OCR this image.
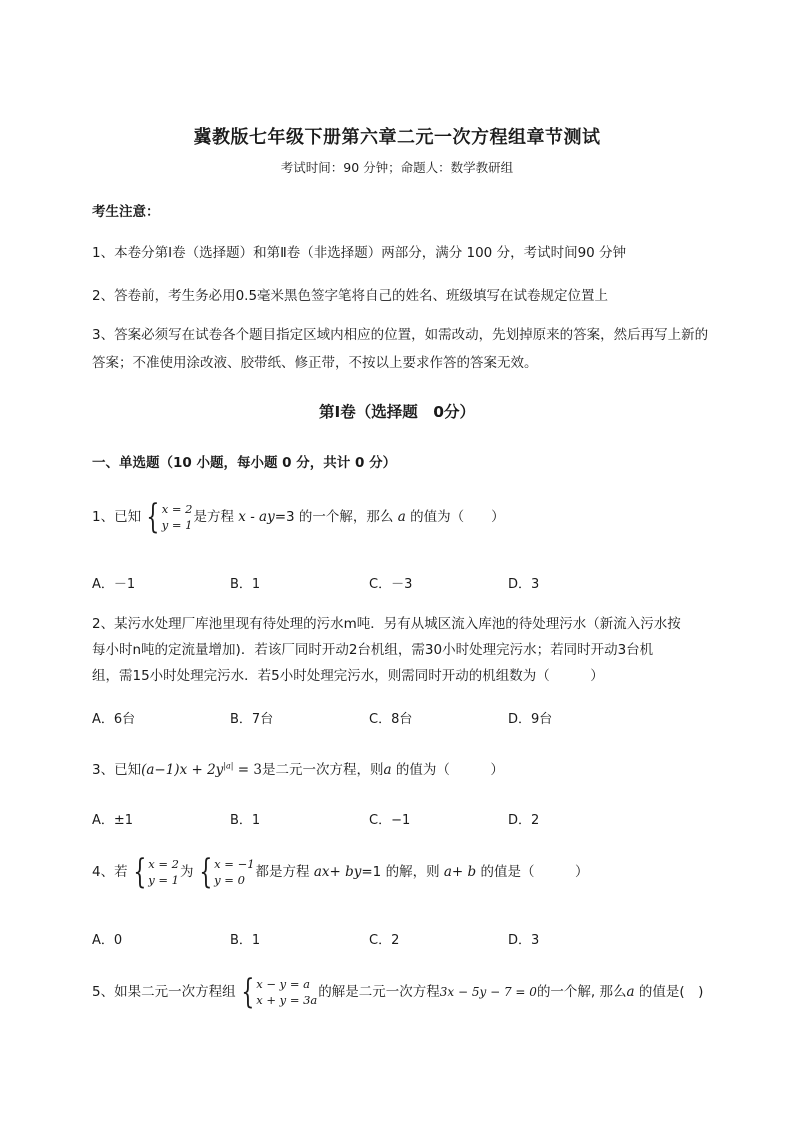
冀教版七年级下册第六章二元一次方程组章节测试
考试时间：90 分钟；命题人：数学教研组
考生注意：
1、本卷分第Ⅰ卷（选择题）和第Ⅱ卷（非选择题）两部分，满分 100 分，考试时间90 分钟
2、答卷前，考生务必用0.5毫米黑色签字笔将自己的姓名、班级填写在试卷规定位置上
3、答案必须写在试卷各个题目指定区域内相应的位置，如需改动，先划掉原来的答案，然后再写上新的答案；不准使用涂改液、胶带纸、修正带，不按以上要求作答的答案无效。
第Ⅰ卷（选择题　0分）
一、单选题（10 小题，每小题 0 分，共计 0 分）
1、已知 { x = 2
y = 1 是方程 x - ay=3 的一个解，那么 a 的值为（　　）
A．－1	B．1	C．－3	D．3
2、某污水处理厂库池里现有待处理的污水m吨．另有从城区流入库池的待处理污水（新流入污水按
每小时n吨的定流量增加)．若该厂同时开动2台机组，需30小时处理完污水；若同时开动3台机
组，需15小时处理完污水．若5小时处理完污水，则需同时开动的机组数为（　　　）
A．6台	B．7台	C．8台	D．9台
3、已知$(a-1)x + 2y^{|a|} = 3$是二元一次方程，则a 的值为（　　　）
A．±1	B．1	C．−1	D．2
4、若 { x = 2
y = 1 为 { x = −1
y = 0 都是方程 ax+ by=1 的解，则 a+ b 的值是（　　　）
A．0	B．1	C．2	D．3
5、如果二元一次方程组 { x − y = a
x + y = 3a 的解是二元一次方程3x − 5y − 7 = 0的一个解, 那么a 的值是(　)
